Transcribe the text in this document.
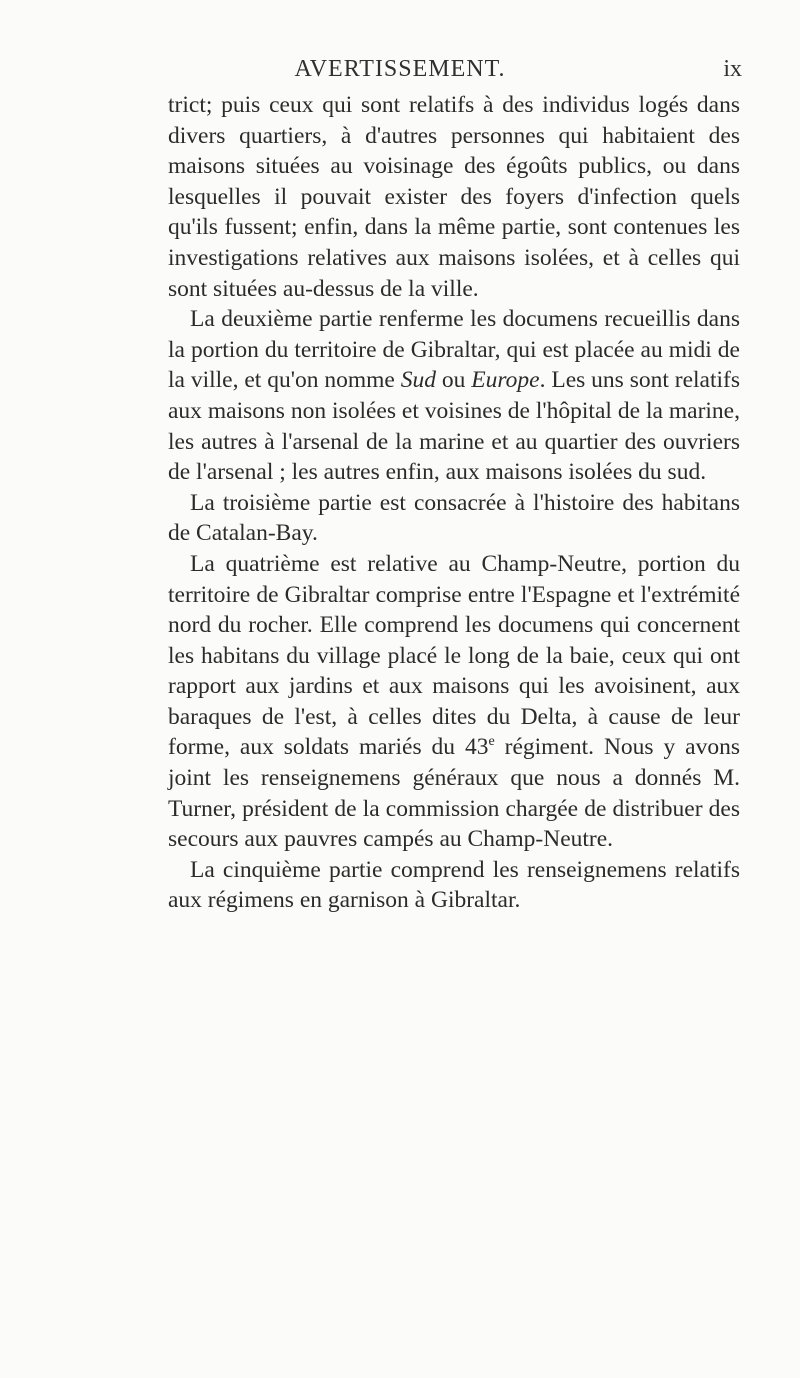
AVERTISSEMENT.	ix

trict; puis ceux qui sont relatifs à des individus logés dans divers quartiers, à d'autres personnes qui habitaient des maisons situées au voisinage des égoûts publics, ou dans lesquelles il pouvait exister des foyers d'infection quels qu'ils fussent; enfin, dans la même partie, sont contenues les investigations relatives aux maisons isolées, et à celles qui sont situées au-dessus de la ville.

La deuxième partie renferme les documens recueillis dans la portion du territoire de Gibraltar, qui est placée au midi de la ville, et qu'on nomme Sud ou Europe. Les uns sont relatifs aux maisons non isolées et voisines de l'hôpital de la marine, les autres à l'arsenal de la marine et au quartier des ouvriers de l'arsenal ; les autres enfin, aux maisons isolées du sud.

La troisième partie est consacrée à l'histoire des habitans de Catalan-Bay.

La quatrième est relative au Champ-Neutre, portion du territoire de Gibraltar comprise entre l'Espagne et l'extrémité nord du rocher. Elle comprend les documens qui concernent les habitans du village placé le long de la baie, ceux qui ont rapport aux jardins et aux maisons qui les avoisinent, aux baraques de l'est, à celles dites du Delta, à cause de leur forme, aux soldats mariés du 43e régiment. Nous y avons joint les renseignemens généraux que nous a donnés M. Turner, président de la commission chargée de distribuer des secours aux pauvres campés au Champ-Neutre.

La cinquième partie comprend les renseignemens relatifs aux régimens en garnison à Gibraltar.
